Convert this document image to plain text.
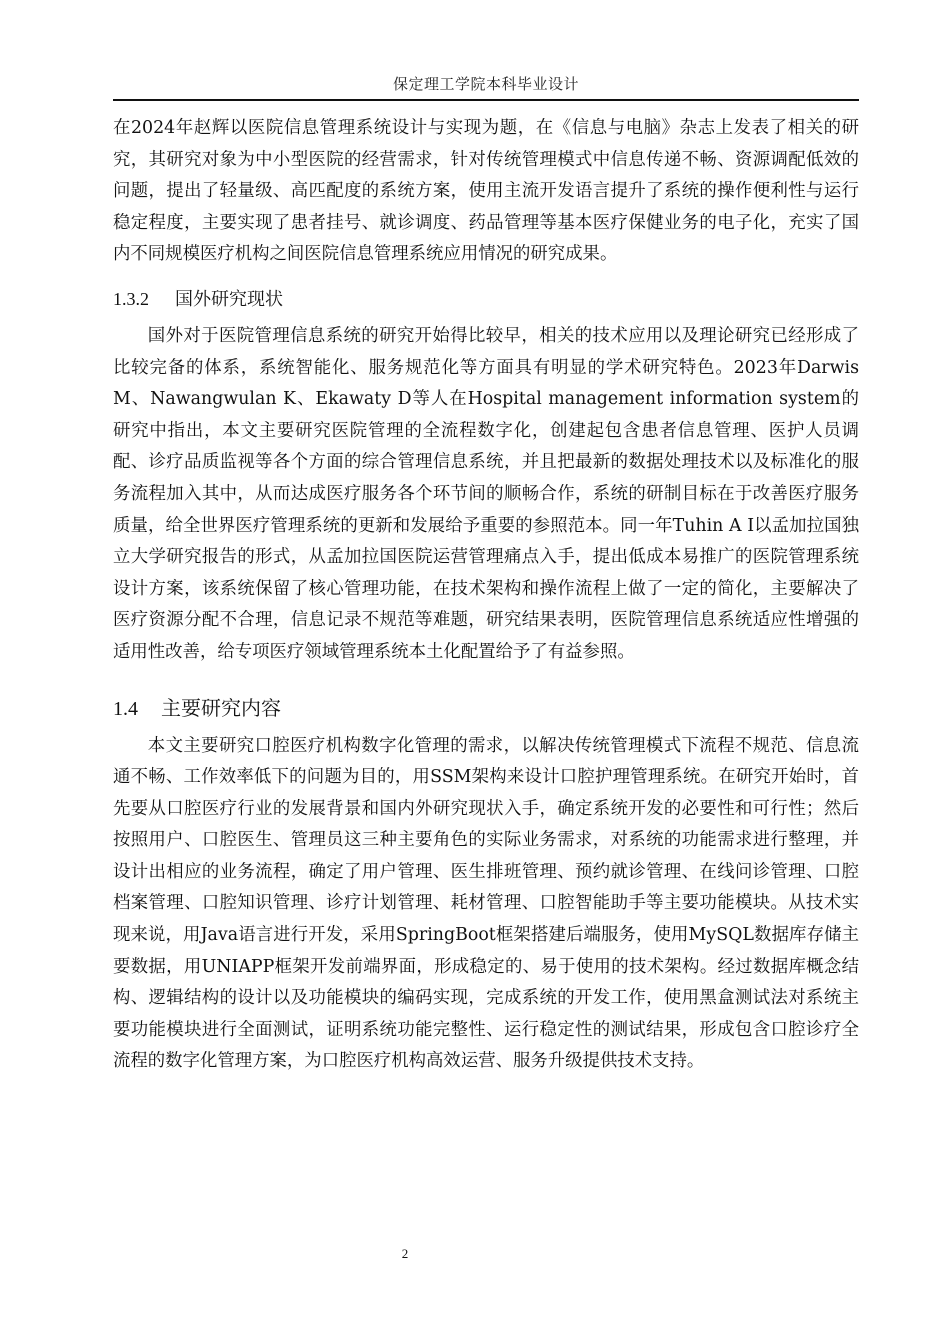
保定理工学院本科毕业设计

在2024年赵辉以医院信息管理系统设计与实现为题，在《信息与电脑》杂志上发表了相关的研究，其研究对象为中小型医院的经营需求，针对传统管理模式中信息传递不畅、资源调配低效的问题，提出了轻量级、高匹配度的系统方案，使用主流开发语言提升了系统的操作便利性与运行稳定程度，主要实现了患者挂号、就诊调度、药品管理等基本医疗保健业务的电子化，充实了国内不同规模医疗机构之间医院信息管理系统应用情况的研究成果。

1.3.2 国外研究现状

国外对于医院管理信息系统的研究开始得比较早，相关的技术应用以及理论研究已经形成了比较完备的体系，系统智能化、服务规范化等方面具有明显的学术研究特色。2023年Darwis M、Nawangwulan K、Ekawaty D等人在Hospital management information system的研究中指出，本文主要研究医院管理的全流程数字化，创建起包含患者信息管理、医护人员调配、诊疗品质监视等各个方面的综合管理信息系统，并且把最新的数据处理技术以及标准化的服务流程加入其中，从而达成医疗服务各个环节间的顺畅合作，系统的研制目标在于改善医疗服务质量，给全世界医疗管理系统的更新和发展给予重要的参照范本。同一年Tuhin A I以孟加拉国独立大学研究报告的形式，从孟加拉国医院运营管理痛点入手，提出低成本易推广的医院管理系统设计方案，该系统保留了核心管理功能，在技术架构和操作流程上做了一定的简化，主要解决了医疗资源分配不合理，信息记录不规范等难题，研究结果表明，医院管理信息系统适应性增强的适用性改善，给专项医疗领域管理系统本土化配置给予了有益参照。

1.4 主要研究内容

本文主要研究口腔医疗机构数字化管理的需求，以解决传统管理模式下流程不规范、信息流通不畅、工作效率低下的问题为目的，用SSM架构来设计口腔护理管理系统。在研究开始时，首先要从口腔医疗行业的发展背景和国内外研究现状入手，确定系统开发的必要性和可行性；然后按照用户、口腔医生、管理员这三种主要角色的实际业务需求，对系统的功能需求进行整理，并设计出相应的业务流程，确定了用户管理、医生排班管理、预约就诊管理、在线问诊管理、口腔档案管理、口腔知识管理、诊疗计划管理、耗材管理、口腔智能助手等主要功能模块。从技术实现来说，用Java语言进行开发，采用SpringBoot框架搭建后端服务，使用MySQL数据库存储主要数据，用UNIAPP框架开发前端界面，形成稳定的、易于使用的技术架构。经过数据库概念结构、逻辑结构的设计以及功能模块的编码实现，完成系统的开发工作，使用黑盒测试法对系统主要功能模块进行全面测试，证明系统功能完整性、运行稳定性的测试结果，形成包含口腔诊疗全流程的数字化管理方案，为口腔医疗机构高效运营、服务升级提供技术支持。

2
